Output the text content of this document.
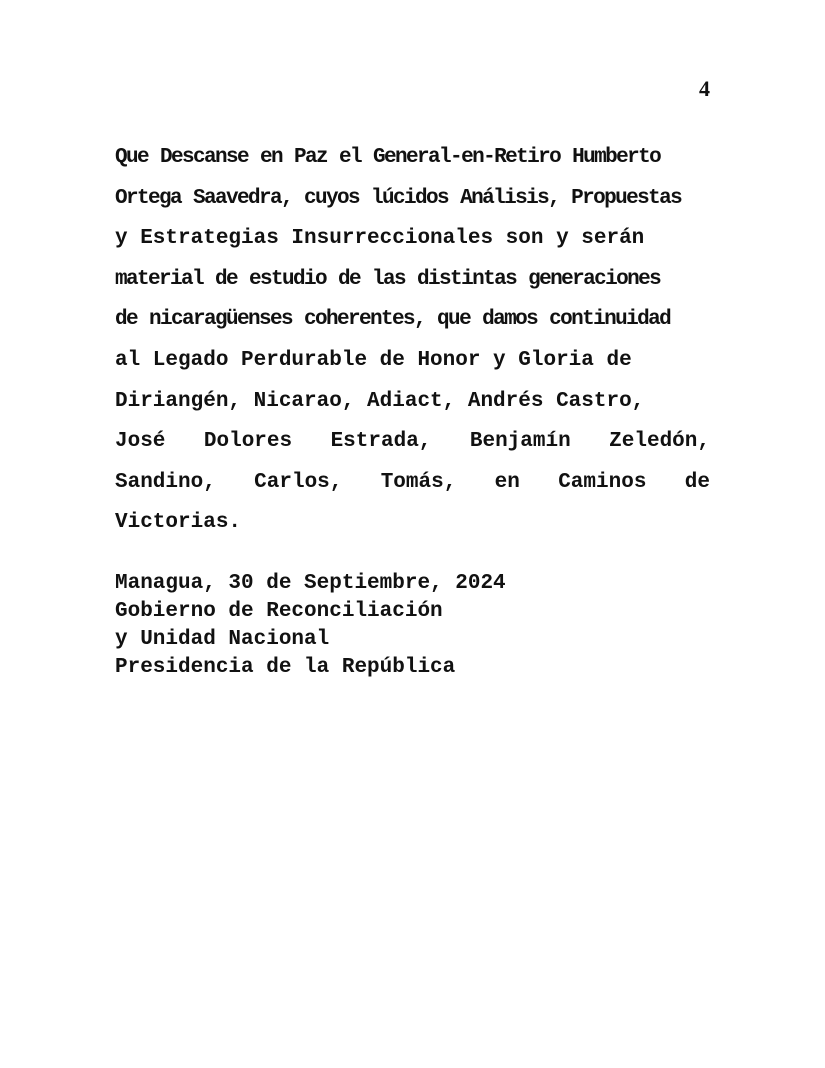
4
Que Descanse en Paz el General-en-Retiro Humberto
Ortega Saavedra, cuyos lúcidos Análisis, Propuestas
y Estrategias Insurreccionales son y serán
material de estudio de las distintas generaciones
de nicaragüenses coherentes, que damos continuidad
al Legado Perdurable de Honor y Gloria de
Diriangén, Nicarao, Adiact, Andrés Castro,
José Dolores Estrada, Benjamín Zeledón,
Sandino, Carlos, Tomás, en Caminos de
Victorias.
Managua, 30 de Septiembre, 2024
Gobierno de Reconciliación
y Unidad Nacional
Presidencia de la República
